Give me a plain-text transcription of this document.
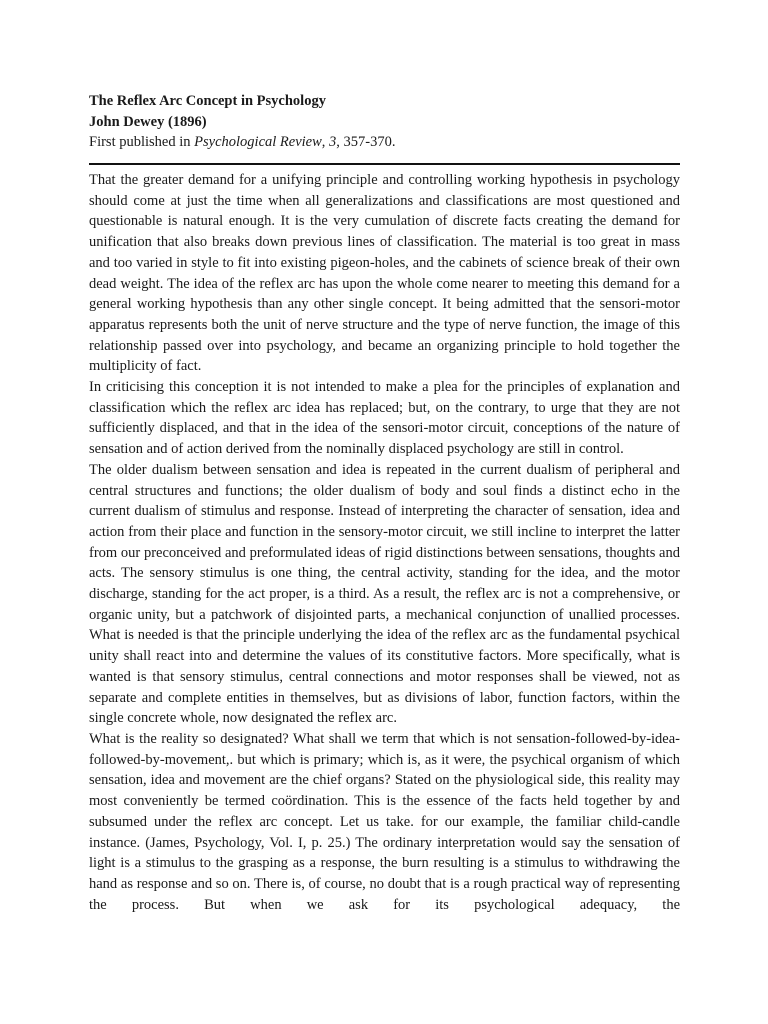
The Reflex Arc Concept in Psychology
John Dewey (1896)
First published in Psychological Review, 3, 357-370.

That the greater demand for a unifying principle and controlling working hypothesis in psychology should come at just the time when all generalizations and classifications are most questioned and questionable is natural enough. It is the very cumulation of discrete facts creating the demand for unification that also breaks down previous lines of classification. The material is too great in mass and too varied in style to fit into existing pigeon-holes, and the cabinets of science break of their own dead weight. The idea of the reflex arc has upon the whole come nearer to meeting this demand for a general working hypothesis than any other single concept. It being admitted that the sensori-motor apparatus represents both the unit of nerve structure and the type of nerve function, the image of this relationship passed over into psychology, and became an organizing principle to hold together the multiplicity of fact.

In criticising this conception it is not intended to make a plea for the principles of explanation and classification which the reflex arc idea has replaced; but, on the contrary, to urge that they are not sufficiently displaced, and that in the idea of the sensori-motor circuit, conceptions of the nature of sensation and of action derived from the nominally displaced psychology are still in control.

The older dualism between sensation and idea is repeated in the current dualism of peripheral and central structures and functions; the older dualism of body and soul finds a distinct echo in the current dualism of stimulus and response. Instead of interpreting the character of sensation, idea and action from their place and function in the sensory-motor circuit, we still incline to interpret the latter from our preconceived and preformulated ideas of rigid distinctions between sensations, thoughts and acts. The sensory stimulus is one thing, the central activity, standing for the idea, and the motor discharge, standing for the act proper, is a third. As a result, the reflex arc is not a comprehensive, or organic unity, but a patchwork of disjointed parts, a mechanical conjunction of unallied processes. What is needed is that the principle underlying the idea of the reflex arc as the fundamental psychical unity shall react into and determine the values of its constitutive factors. More specifically, what is wanted is that sensory stimulus, central connections and motor responses shall be viewed, not as separate and complete entities in themselves, but as divisions of labor, function factors, within the single concrete whole, now designated the reflex arc.

What is the reality so designated? What shall we term that which is not sensation-followed-by-idea-followed-by-movement,. but which is primary; which is, as it were, the psychical organism of which sensation, idea and movement are the chief organs? Stated on the physiological side, this reality may most conveniently be termed coördination. This is the essence of the facts held together by and subsumed under the reflex arc concept. Let us take. for our example, the familiar child-candle instance. (James, Psychology, Vol. I, p. 25.) The ordinary interpretation would say the sensation of light is a stimulus to the grasping as a response, the burn resulting is a stimulus to withdrawing the hand as response and so on. There is, of course, no doubt that is a rough practical way of representing the process. But when we ask for its psychological adequacy, the
